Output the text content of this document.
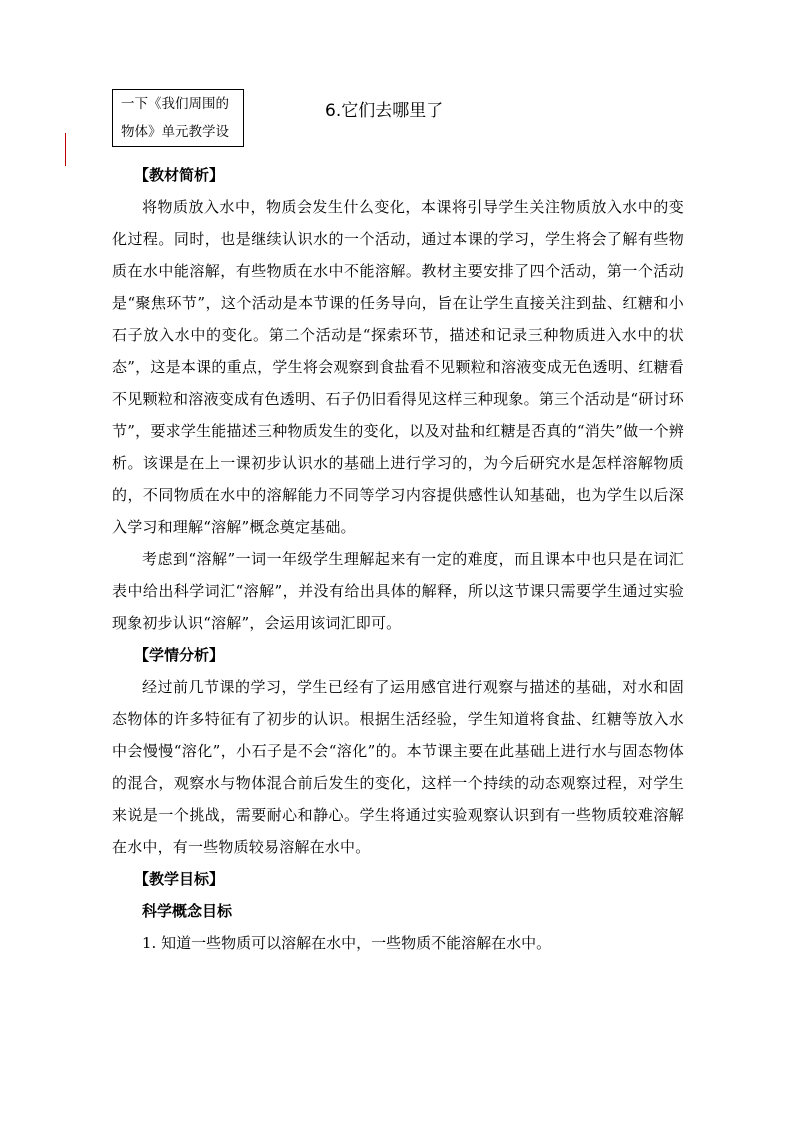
一下《我们周围的
物体》单元教学设
6.它们去哪里了
【教材简析】

将物质放入水中，物质会发生什么变化，本课将引导学生关注物质放入水中的变化过程。同时，也是继续认识水的一个活动，通过本课的学习，学生将会了解有些物质在水中能溶解，有些物质在水中不能溶解。教材主要安排了四个活动，第一个活动是“聚焦环节”，这个活动是本节课的任务导向，旨在让学生直接关注到盐、红糖和小石子放入水中的变化。第二个活动是“探索环节，描述和记录三种物质进入水中的状态”，这是本课的重点，学生将会观察到食盐看不见颗粒和溶液变成无色透明、红糖看不见颗粒和溶液变成有色透明、石子仍旧看得见这样三种现象。第三个活动是“研讨环节”，要求学生能描述三种物质发生的变化，以及对盐和红糖是否真的“消失”做一个辨析。该课是在上一课初步认识水的基础上进行学习的，为今后研究水是怎样溶解物质的，不同物质在水中的溶解能力不同等学习内容提供感性认知基础，也为学生以后深入学习和理解“溶解”概念奠定基础。

考虑到“溶解”一词一年级学生理解起来有一定的难度，而且课本中也只是在词汇表中给出科学词汇“溶解”，并没有给出具体的解释，所以这节课只需要学生通过实验现象初步认识“溶解”，会运用该词汇即可。

【学情分析】

经过前几节课的学习，学生已经有了运用感官进行观察与描述的基础，对水和固态物体的许多特征有了初步的认识。根据生活经验，学生知道将食盐、红糖等放入水中会慢慢“溶化”，小石子是不会“溶化”的。本节课主要在此基础上进行水与固态物体的混合，观察水与物体混合前后发生的变化，这样一个持续的动态观察过程，对学生来说是一个挑战，需要耐心和静心。学生将通过实验观察认识到有一些物质较难溶解在水中，有一些物质较易溶解在水中。

【教学目标】
科学概念目标
1. 知道一些物质可以溶解在水中，一些物质不能溶解在水中。
